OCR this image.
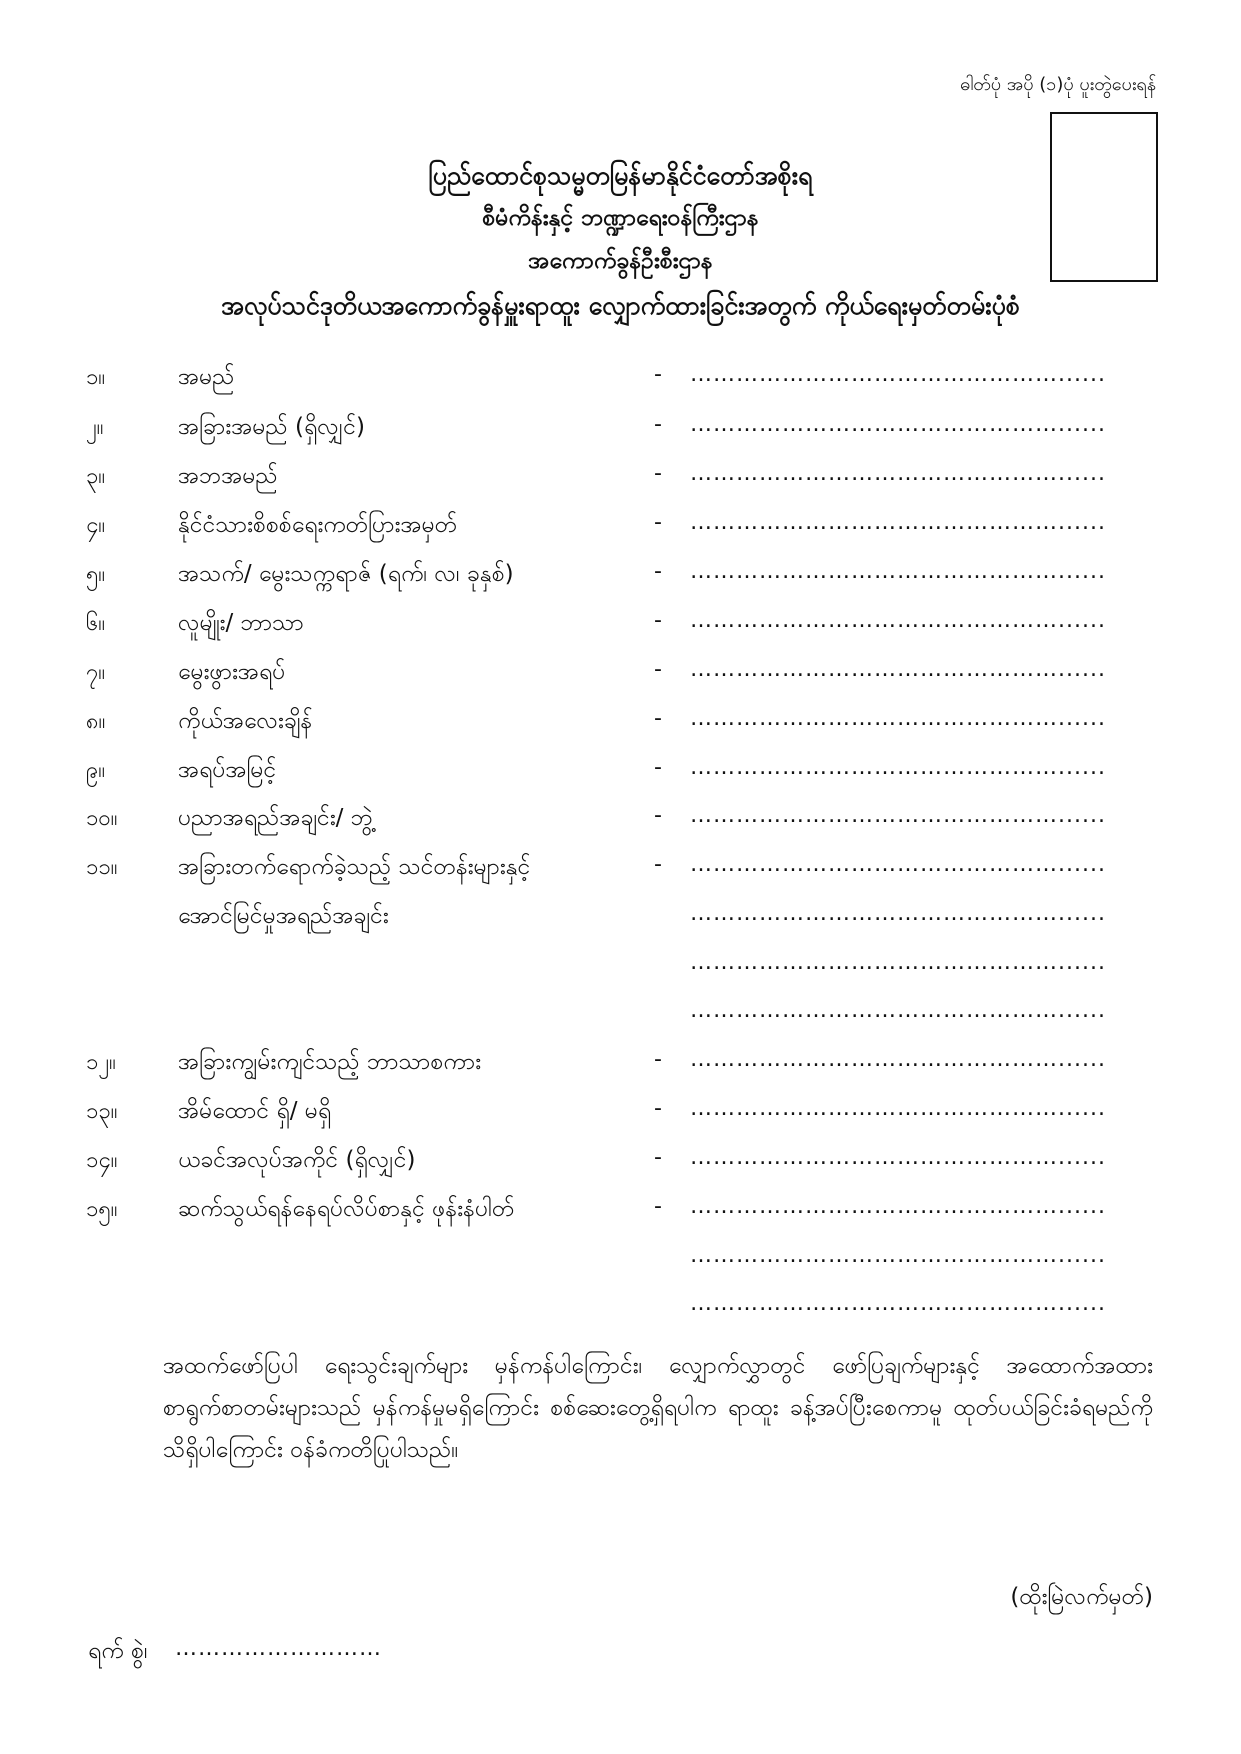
ဓါတ်ပုံ အပို (၁)ပုံ ပူးတွဲပေးရန်
ပြည်ထောင်စုသမ္မတမြန်မာနိုင်ငံတော်အစိုးရ
စီမံကိန်းနှင့် ဘဏ္ဍာရေးဝန်ကြီးဌာန
အကောက်ခွန်ဦးစီးဌာန
အလုပ်သင်ဒုတိယအကောက်ခွန်မှူးရာထူး လျှောက်ထားခြင်းအတွက် ကိုယ်ရေးမှတ်တမ်းပုံစံ
၁။	အမည်	- …………………………………………......
၂။	အခြားအမည် (ရှိလျှင်)	- …………………………………………......
၃။	အဘအမည်	- …………………………………………......
၄။	နိုင်ငံသားစိစစ်ရေးကတ်ပြားအမှတ်	- …………………………………………......
၅။	အသက်/ မွေးသက္ကရာဇ် (ရက်၊ လ၊ ခုနှစ်)	- …………………………………………......
၆။	လူမျိုး/ ဘာသာ	- …………………………………………......
၇။	မွေးဖွားအရပ်	- …………………………………………......
၈။	ကိုယ်အလေးချိန်	- …………………………………………......
၉။	အရပ်အမြင့်	- …………………………………………......
၁၀။	ပညာအရည်အချင်း/ ဘွဲ့	- …………………………………………......
၁၁။	အခြားတက်ရောက်ခဲ့သည့် သင်တန်းများနှင့်	- …………………………………………......
အောင်မြင်မှုအရည်အချင်း	…………………………………………......
…………………………………………......
…………………………………………......
၁၂။	အခြားကျွမ်းကျင်သည့် ဘာသာစကား	- …………………………………………......
၁၃။	အိမ်ထောင် ရှိ/ မရှိ	- …………………………………………......
၁၄။	ယခင်အလုပ်အကိုင် (ရှိလျှင်)	- …………………………………………......
၁၅။	ဆက်သွယ်ရန်နေရပ်လိပ်စာနှင့် ဖုန်းနံပါတ်	- …………………………………………......
…………………………………………......
…………………………………………......
အထက်ဖော်ပြပါ ရေးသွင်းချက်များ မှန်ကန်ပါကြောင်း၊ လျှောက်လွှာတွင် ဖော်ပြချက်များနှင့် အထောက်အထားစာရွက်စာတမ်းများသည် မှန်ကန်မှုမရှိကြောင်း စစ်ဆေးတွေ့ရှိရပါက ရာထူး ခန့်အပ်ပြီးစေကာမူ ထုတ်ပယ်ခြင်းခံရမည်ကို သိရှိပါကြောင်း ဝန်ခံကတိပြုပါသည်။
(ထိုးမြဲလက်မှတ်)
ရက် စွဲ၊ ………………………
